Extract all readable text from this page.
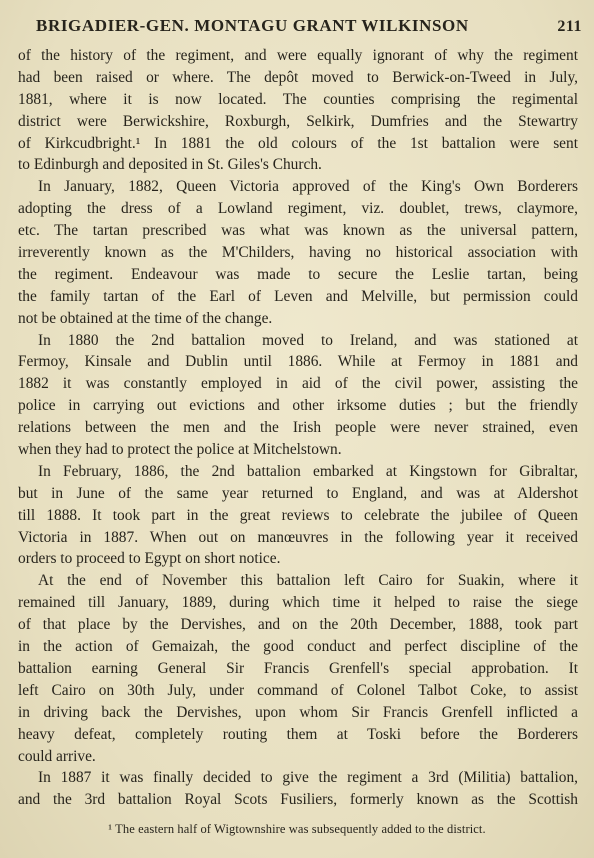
BRIGADIER-GEN. MONTAGU GRANT WILKINSON	211
of the history of the regiment, and were equally ignorant of why the regiment
had been raised or where. The depôt moved to Berwick-on-Tweed in July,
1881, where it is now located. The counties comprising the regimental
district were Berwickshire, Roxburgh, Selkirk, Dumfries and the Stewartry
of Kirkcudbright.¹ In 1881 the old colours of the 1st battalion were sent
to Edinburgh and deposited in St. Giles's Church.
In January, 1882, Queen Victoria approved of the King's Own Borderers
adopting the dress of a Lowland regiment, viz. doublet, trews, claymore,
etc. The tartan prescribed was what was known as the universal pattern,
irreverently known as the M'Childers, having no historical association with
the regiment. Endeavour was made to secure the Leslie tartan, being
the family tartan of the Earl of Leven and Melville, but permission could
not be obtained at the time of the change.
In 1880 the 2nd battalion moved to Ireland, and was stationed at
Fermoy, Kinsale and Dublin until 1886. While at Fermoy in 1881 and
1882 it was constantly employed in aid of the civil power, assisting the
police in carrying out evictions and other irksome duties ; but the friendly
relations between the men and the Irish people were never strained, even
when they had to protect the police at Mitchelstown.
In February, 1886, the 2nd battalion embarked at Kingstown for Gibraltar,
but in June of the same year returned to England, and was at Aldershot
till 1888. It took part in the great reviews to celebrate the jubilee of Queen
Victoria in 1887. When out on manœuvres in the following year it received
orders to proceed to Egypt on short notice.
At the end of November this battalion left Cairo for Suakin, where it
remained till January, 1889, during which time it helped to raise the siege
of that place by the Dervishes, and on the 20th December, 1888, took part
in the action of Gemaizah, the good conduct and perfect discipline of the
battalion earning General Sir Francis Grenfell's special approbation. It
left Cairo on 30th July, under command of Colonel Talbot Coke, to assist
in driving back the Dervishes, upon whom Sir Francis Grenfell inflicted a
heavy defeat, completely routing them at Toski before the Borderers
could arrive.
In 1887 it was finally decided to give the regiment a 3rd (Militia) battalion,
and the 3rd battalion Royal Scots Fusiliers, formerly known as the Scottish
¹ The eastern half of Wigtownshire was subsequently added to the district.
